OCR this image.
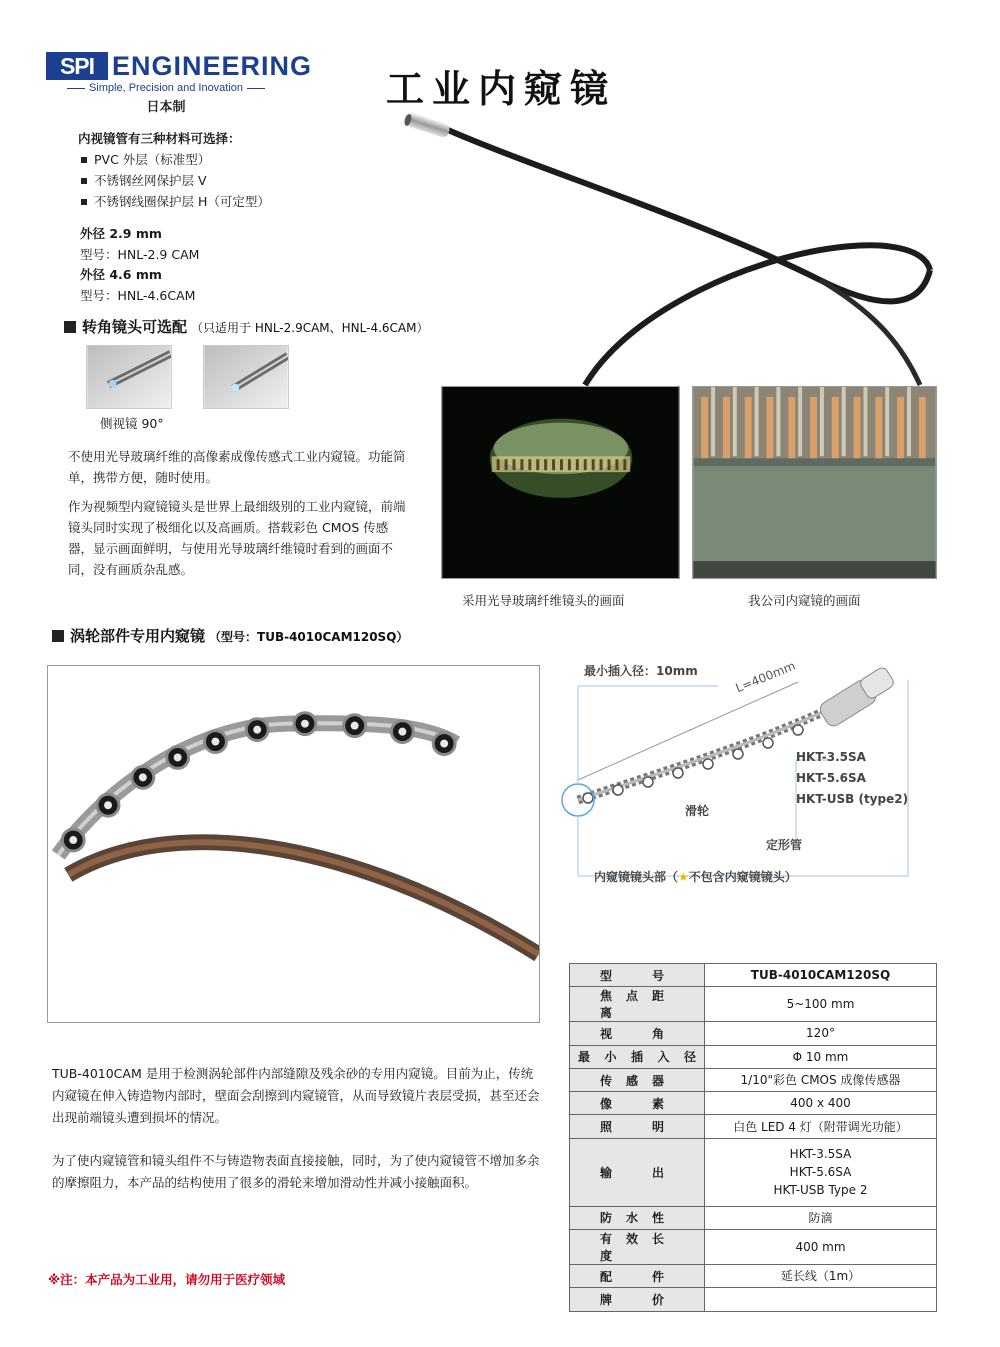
SPI ENGINEERING
Simple, Precision and Inovation
日本制	工业内窥镜
内视镜管有三种材料可选择：
PVC 外层（标准型）
不锈钢丝网保护层 V
不锈钢线圈保护层 H（可定型）
外径 2.9 mm
型号：HNL-2.9 CAM
外径 4.6 mm
型号：HNL-4.6CAM
转角镜头可选配 （只适用于 HNL-2.9CAM、HNL-4.6CAM）
侧视镜 90°

不使用光导玻璃纤维的高像素成像传感式工业内窥镜。功能简单，携带方便，随时使用。

作为视频型内窥镜镜头是世界上最细级别的工业内窥镜，前端镜头同时实现了极细化以及高画质。搭载彩色 CMOS 传感器，显示画面鲜明，与使用光导玻璃纤维镜时看到的画面不同，没有画质杂乱感。

采用光导玻璃纤维镜头的画面	我公司内窥镜的画面
涡轮部件专用内窥镜 （型号：TUB-4010CAM120SQ）
最小插入径：10mm	L=400mm
HKT-3.5SA
HKT-5.6SA
HKT-USB (type2)
滑轮
定形管
内窥镜镜头部（★不包含内窥镜镜头）

TUB-4010CAM 是用于检测涡轮部件内部缝隙及残余砂的专用内窥镜。目前为止，传统内窥镜在伸入铸造物内部时，壁面会刮擦到内窥镜管，从而导致镜片表层受损，甚至还会出现前端镜头遭到损坏的情况。

为了使内窥镜管和镜头组件不与铸造物表面直接接触，同时，为了使内窥镜管不增加多余的摩擦阻力，本产品的结构使用了很多的滑轮来增加滑动性并减小接触面积。

※注：本产品为工业用，请勿用于医疗领域
型号	TUB-4010CAM120SQ
焦点距离	5~100 mm
视角	120°
最小插入径	Φ 10 mm
传感器	1/10"彩色 CMOS 成像传感器
像素	400 x 400
照明	白色 LED 4 灯（附带调光功能）
输出	HKT-3.5SA
HKT-5.6SA
HKT-USB Type 2

防水性	防滴
有效长度	400 mm
配件	延长线（1m）
牌价	
